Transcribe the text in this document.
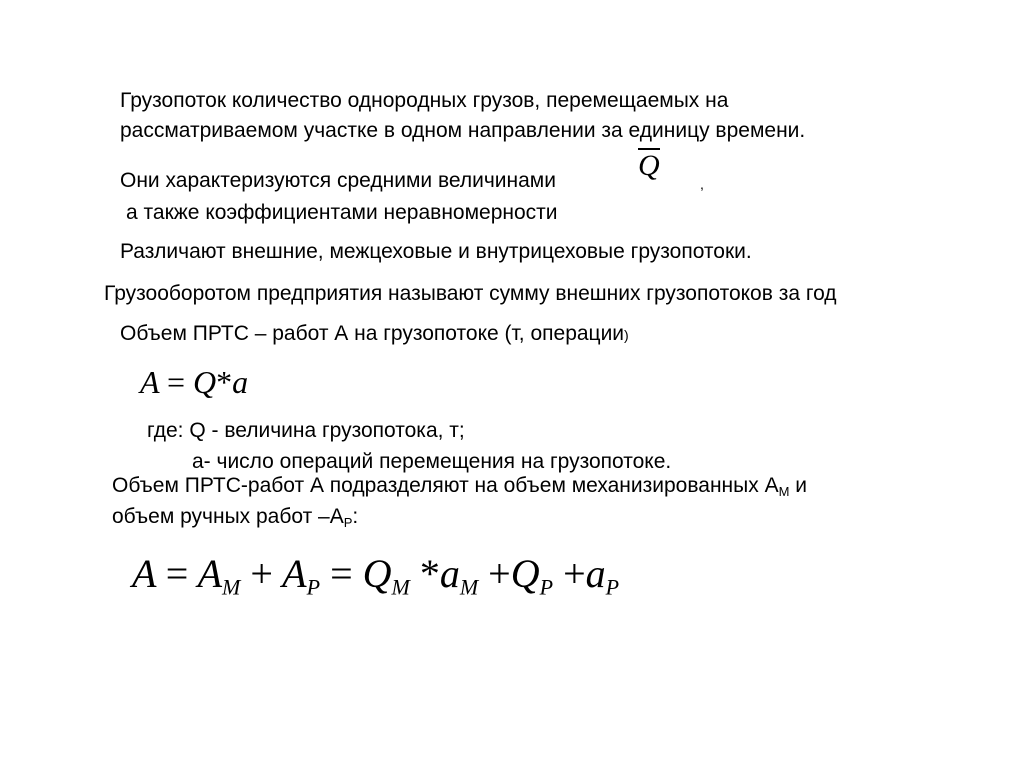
Грузопоток количество однородных грузов, перемещаемых на
рассматриваемом участке в одном направлении за единицу времени.
Они характеризуются средними величинами	Q
,
а также коэффициентами неравномерности
Различают внешние, межцеховые и внутрицеховые грузопотоки.
Грузооборотом предприятия называют сумму внешних грузопотоков за год
Объем ПРТС – работ А на грузопотоке (т, операции)
A = Q*a
где: Q - величина грузопотока, т;
а- число операций перемещения на грузопотоке.
Объем ПРТС-работ А подразделяют на объем механизированных АМ и
объем ручных работ –АР:
$A = A_M + A_P = Q_M$ $*a_M +Q_P +a_P$
